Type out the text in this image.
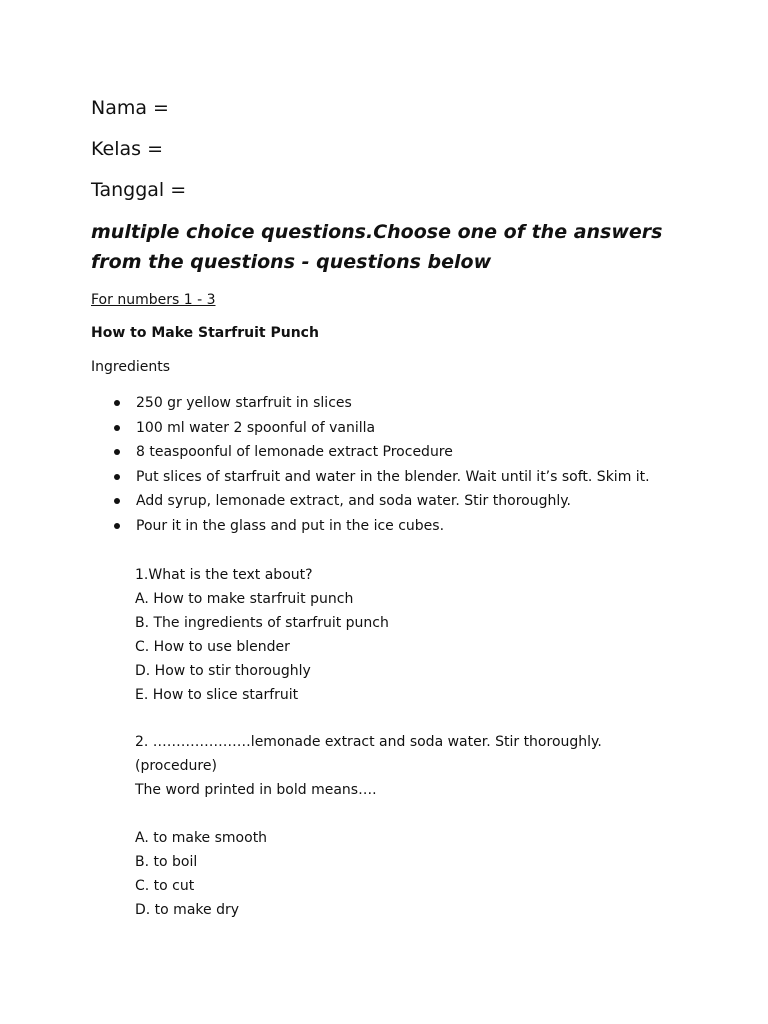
Nama =
Kelas =
Tanggal =
multiple choice questions.Choose one of the answers from the questions - questions below
For numbers 1 - 3
How to Make Starfruit Punch
Ingredients
250 gr yellow starfruit in slices
100 ml water 2 spoonful of vanilla
8 teaspoonful of lemonade extract Procedure
Put slices of starfruit and water in the blender. Wait until it’s soft. Skim it.
Add syrup, lemonade extract, and soda water. Stir thoroughly.
Pour it in the glass and put in the ice cubes.
1.What is the text about?
A. How to make starfruit punch
B. The ingredients of starfruit punch
C. How to use blender
D. How to stir thoroughly
E. How to slice starfruit
2. …………………lemonade extract and soda water. Stir thoroughly.
(procedure)
The word printed in bold means….
A. to make smooth
B. to boil
C. to cut
D. to make dry
